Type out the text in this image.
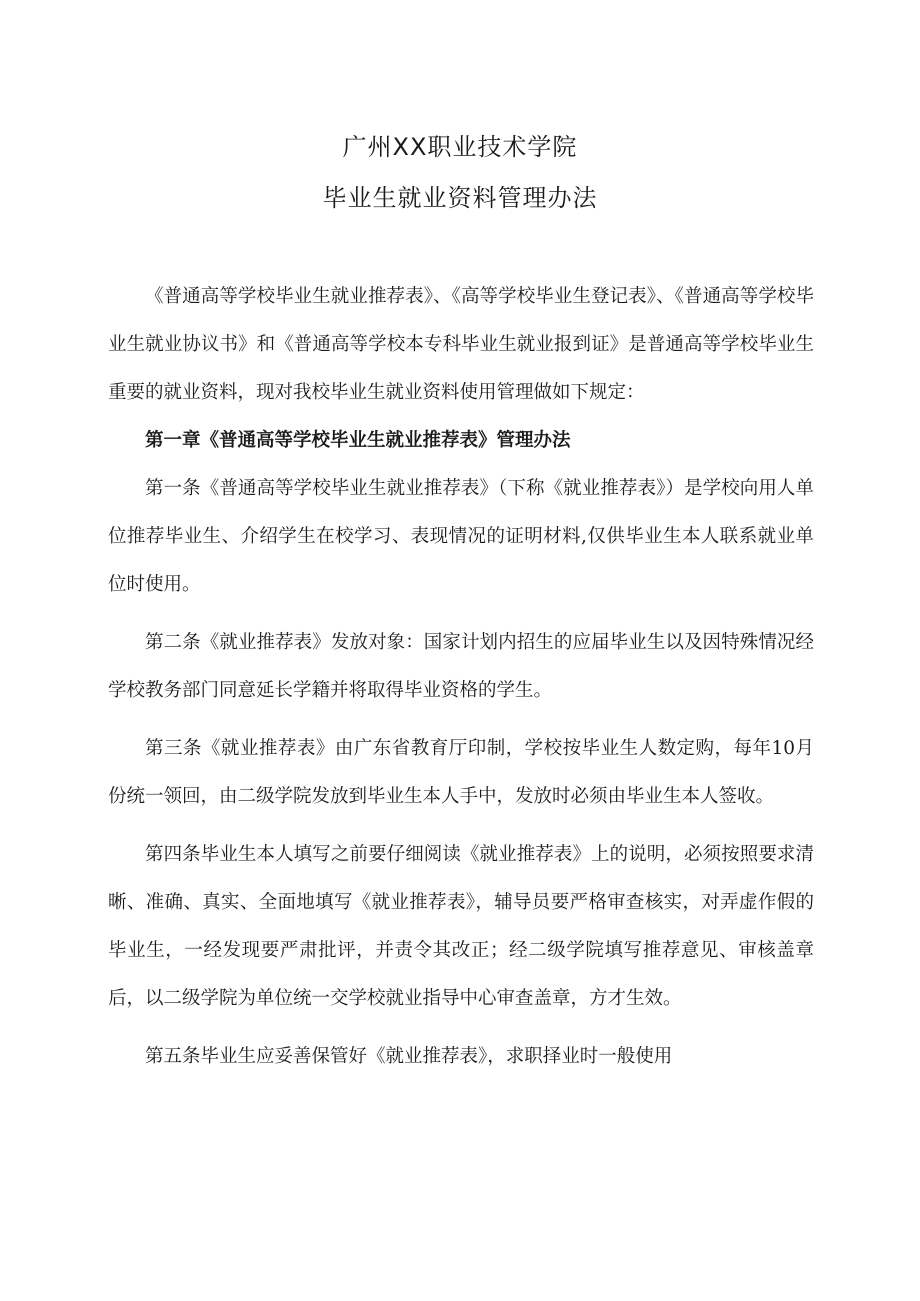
广州XX职业技术学院
毕业生就业资料管理办法

《普通高等学校毕业生就业推荐表》、《高等学校毕业生登记表》、《普通高等学校毕业生就业协议书》和《普通高等学校本专科毕业生就业报到证》是普通高等学校毕业生重要的就业资料，现对我校毕业生就业资料使用管理做如下规定：

第一章《普通高等学校毕业生就业推荐表》管理办法

第一条《普通高等学校毕业生就业推荐表》（下称《就业推荐表》）是学校向用人单位推荐毕业生、介绍学生在校学习、表现情况的证明材料,仅供毕业生本人联系就业单位时使用。

第二条《就业推荐表》发放对象：国家计划内招生的应届毕业生以及因特殊情况经学校教务部门同意延长学籍并将取得毕业资格的学生。

第三条《就业推荐表》由广东省教育厅印制，学校按毕业生人数定购，每年10月份统一领回，由二级学院发放到毕业生本人手中，发放时必须由毕业生本人签收。

第四条毕业生本人填写之前要仔细阅读《就业推荐表》上的说明，必须按照要求清晰、准确、真实、全面地填写《就业推荐表》，辅导员要严格审查核实，对弄虚作假的毕业生，一经发现要严肃批评，并责令其改正；经二级学院填写推荐意见、审核盖章后，以二级学院为单位统一交学校就业指导中心审查盖章，方才生效。

第五条毕业生应妥善保管好《就业推荐表》，求职择业时一般使用
